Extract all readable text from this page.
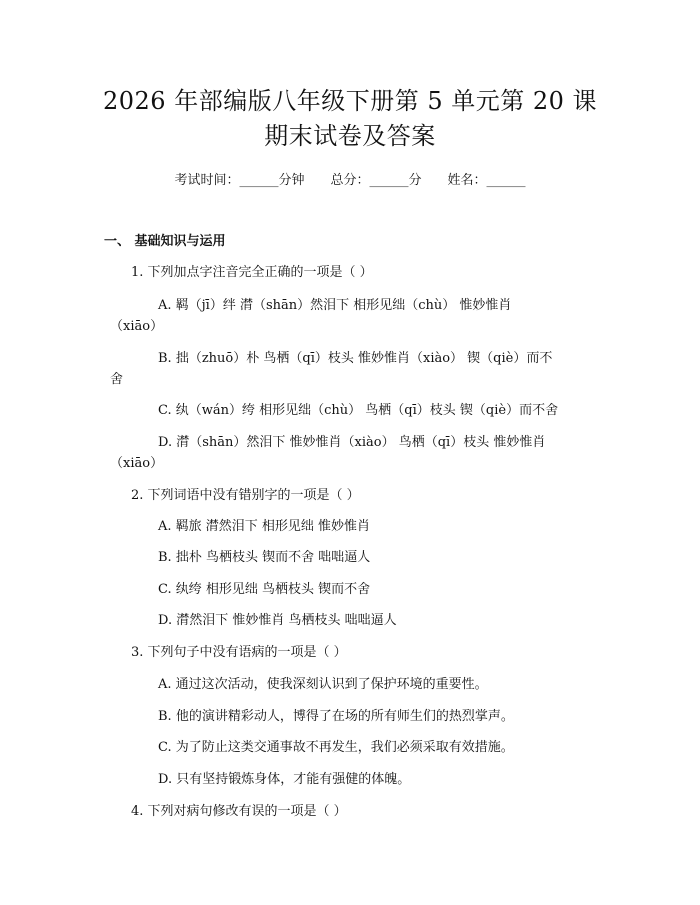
2026 年部编版八年级下册第 5 单元第 20 课
期末试卷及答案
考试时间：______分钟　　总分：______分　　姓名：______
一、 基础知识与运用
1. 下列加点字注音完全正确的一项是（ ）
A. 羁（jī）绊 潸（shān）然泪下 相形见绌（chù） 惟妙惟肖
（xiāo）
B. 拙（zhuō）朴 鸟栖（qī）枝头 惟妙惟肖（xiào） 锲（qiè）而不
舍
C. 纨（wán）绔 相形见绌（chù） 鸟栖（qī）枝头 锲（qiè）而不舍
D. 潸（shān）然泪下 惟妙惟肖（xiào） 鸟栖（qī）枝头 惟妙惟肖
（xiāo）
2. 下列词语中没有错别字的一项是（ ）
A. 羁旅 潸然泪下 相形见绌 惟妙惟肖
B. 拙朴 鸟栖枝头 锲而不舍 咄咄逼人
C. 纨绔 相形见绌 鸟栖枝头 锲而不舍
D. 潸然泪下 惟妙惟肖 鸟栖枝头 咄咄逼人
3. 下列句子中没有语病的一项是（ ）
A. 通过这次活动，使我深刻认识到了保护环境的重要性。
B. 他的演讲精彩动人，博得了在场的所有师生们的热烈掌声。
C. 为了防止这类交通事故不再发生，我们必须采取有效措施。
D. 只有坚持锻炼身体，才能有强健的体魄。
4. 下列对病句修改有误的一项是（ ）
